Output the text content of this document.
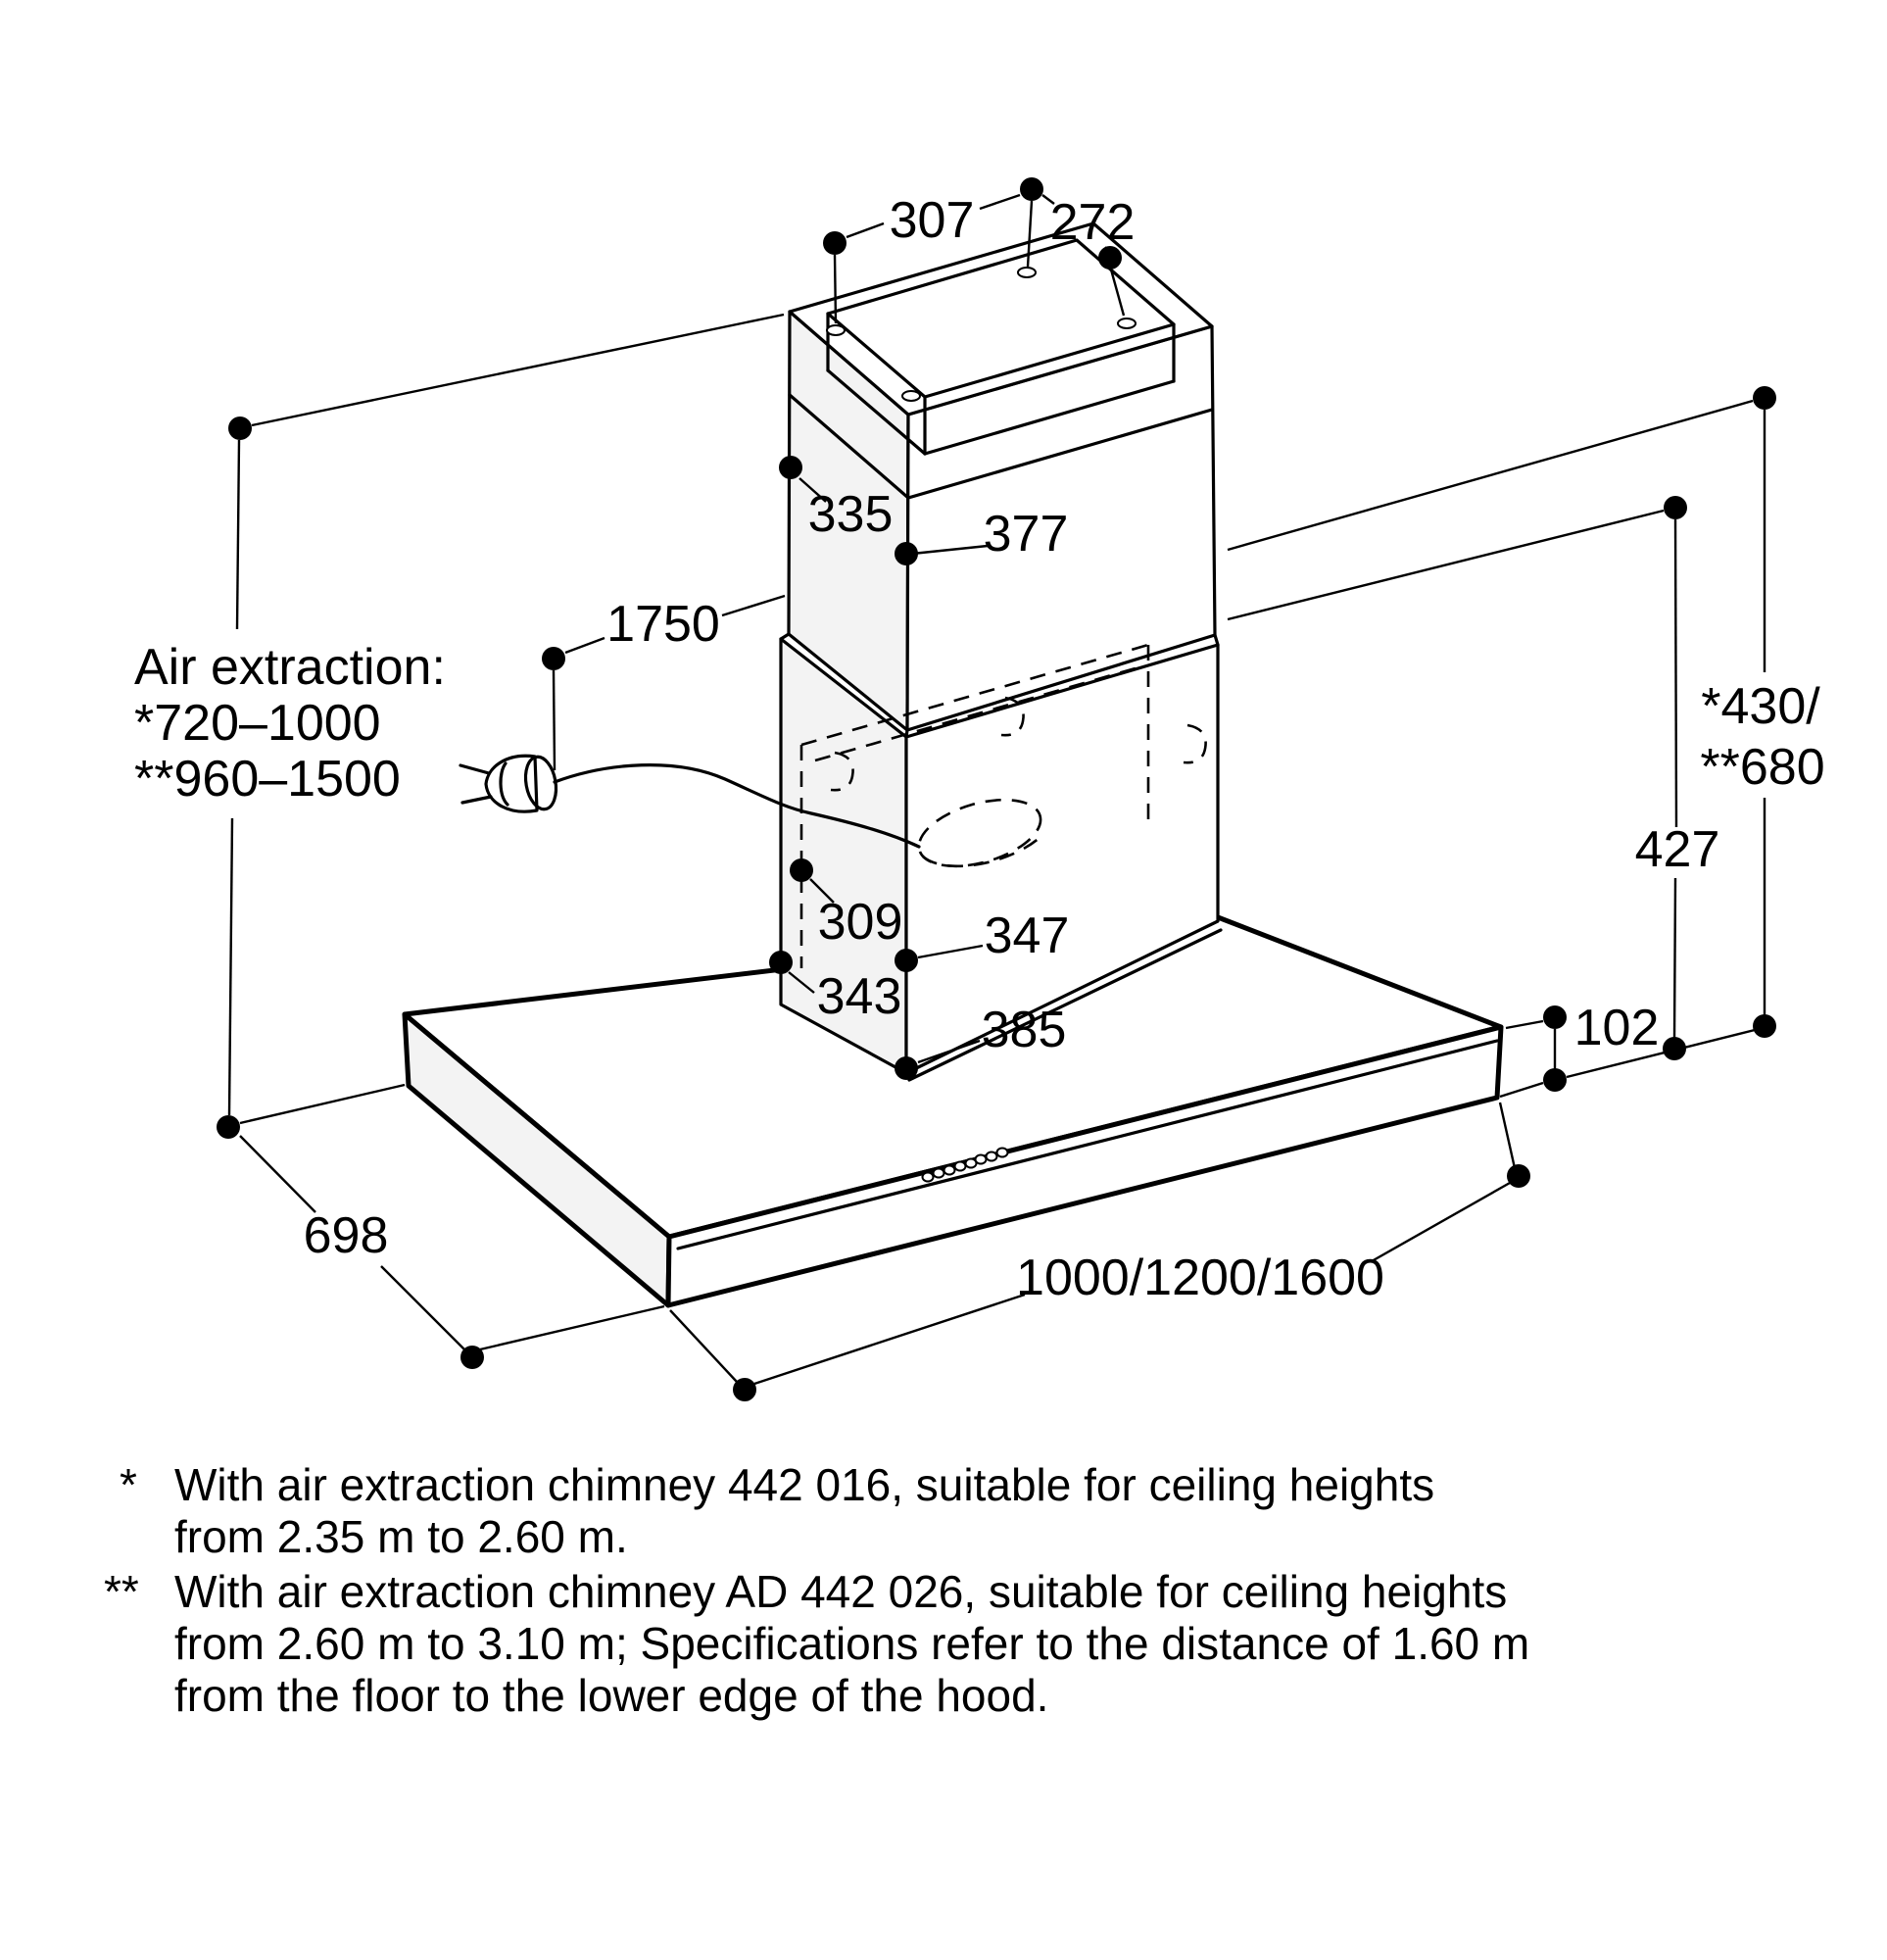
307 272
335 377
1750
309 347
343
385
698
1000/1200/1600
102
427
*430/
**680
Air extraction:
*720–1000
**960–1500
* With air extraction chimney 442 016, suitable for ceiling heights
from 2.35 m to 2.60 m.
** With air extraction chimney AD 442 026, suitable for ceiling heights
from 2.60 m to 3.10 m; Specifications refer to the distance of 1.60 m
from the floor to the lower edge of the hood.
